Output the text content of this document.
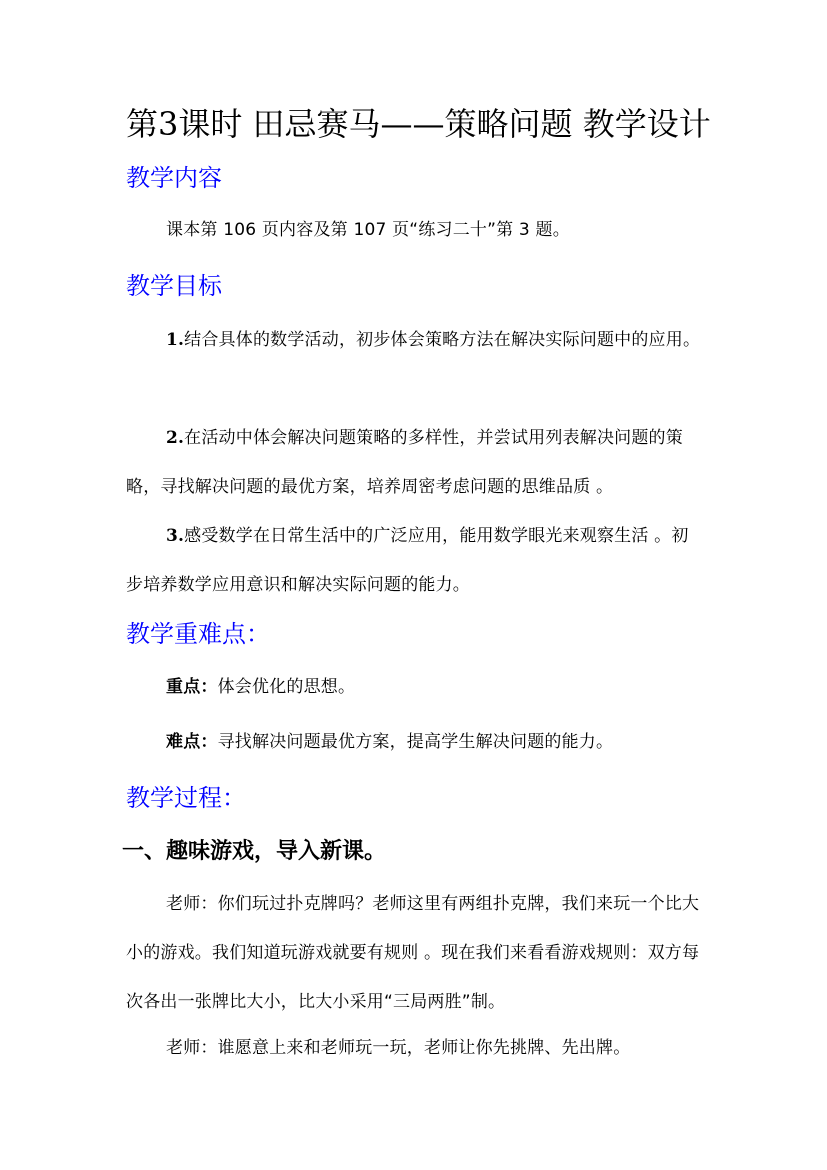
第3课时 田忌赛马——策略问题 教学设计
教学内容
课本第 106 页内容及第 107 页“练习二十”第 3 题。
教学目标
1.结合具体的数学活动，初步体会策略方法在解决实际问题中的应用。
2.在活动中体会解决问题策略的多样性，并尝试用列表解决问题的策略，寻找解决问题的最优方案，培养周密考虑问题的思维品质 。
3.感受数学在日常生活中的广泛应用，能用数学眼光来观察生活 。初步培养数学应用意识和解决实际问题的能力。
教学重难点：
重点：体会优化的思想。
难点：寻找解决问题最优方案，提高学生解决问题的能力。
教学过程：
一、趣味游戏，导入新课。
老师：你们玩过扑克牌吗？老师这里有两组扑克牌，我们来玩一个比大小的游戏。我们知道玩游戏就要有规则 。现在我们来看看游戏规则：双方每次各出一张牌比大小，比大小采用“三局两胜”制。
老师：谁愿意上来和老师玩一玩，老师让你先挑牌、先出牌。
